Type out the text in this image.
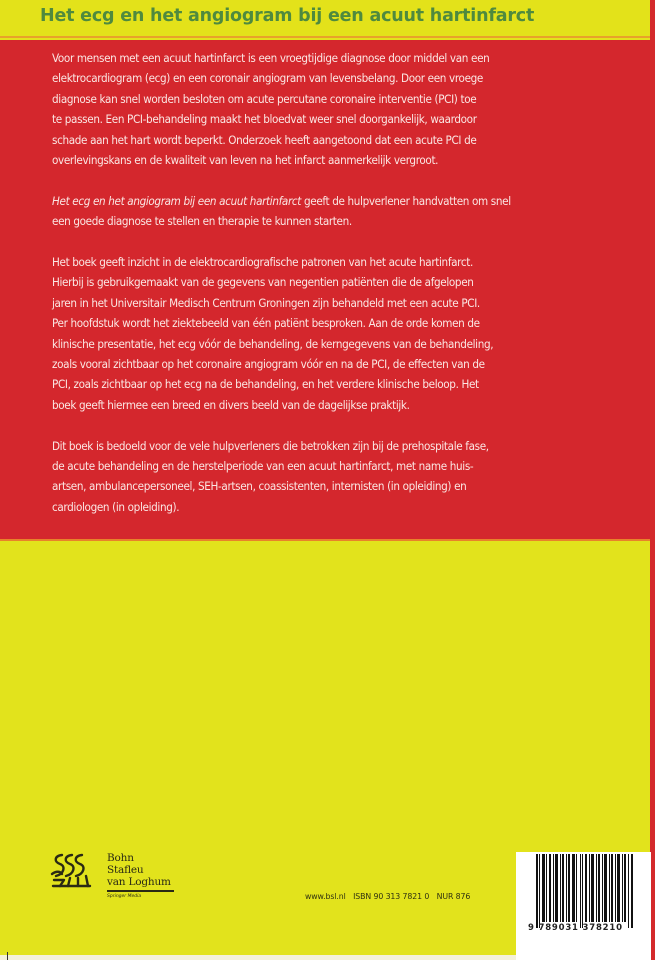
Het ecg en het angiogram bij een acuut hartinfarct

Voor mensen met een acuut hartinfarct is een vroegtijdige diagnose door middel van een

elektrocardiogram (ecg) en een coronair angiogram van levensbelang. Door een vroege

diagnose kan snel worden besloten om acute percutane coronaire interventie (PCI) toe

te passen. Een PCI-behandeling maakt het bloedvat weer snel doorgankelijk, waardoor

schade aan het hart wordt beperkt. Onderzoek heeft aangetoond dat een acute PCI de

overlevingskans en de kwaliteit van leven na het infarct aanmerkelijk vergroot.

Het ecg en het angiogram bij een acuut hartinfarct geeft de hulpverlener handvatten om snel

een goede diagnose te stellen en therapie te kunnen starten.

Het boek geeft inzicht in de elektrocardiografische patronen van het acute hartinfarct.

Hierbij is gebruikgemaakt van de gegevens van negentien patiënten die de afgelopen

jaren in het Universitair Medisch Centrum Groningen zijn behandeld met een acute PCI.

Per hoofdstuk wordt het ziektebeeld van één patiënt besproken. Aan de orde komen de

klinische presentatie, het ecg vóór de behandeling, de kerngegevens van de behandeling,

zoals vooral zichtbaar op het coronaire angiogram vóór en na de PCI, de effecten van de

PCI, zoals zichtbaar op het ecg na de behandeling, en het verdere klinische beloop. Het

boek geeft hiermee een breed en divers beeld van de dagelijkse praktijk.

Dit boek is bedoeld voor de vele hulpverleners die betrokken zijn bij de prehospitale fase,

de acute behandeling en de herstelperiode van een acuut hartinfarct, met name huis-

artsen, ambulancepersoneel, SEH-artsen, coassistenten, internisten (in opleiding) en

cardiologen (in opleiding).

Bohn
Stafleu
van Loghum
Springer Media	www.bsl.nl ISBN 90 313 7821 0 NUR 876
9 789031 378210
